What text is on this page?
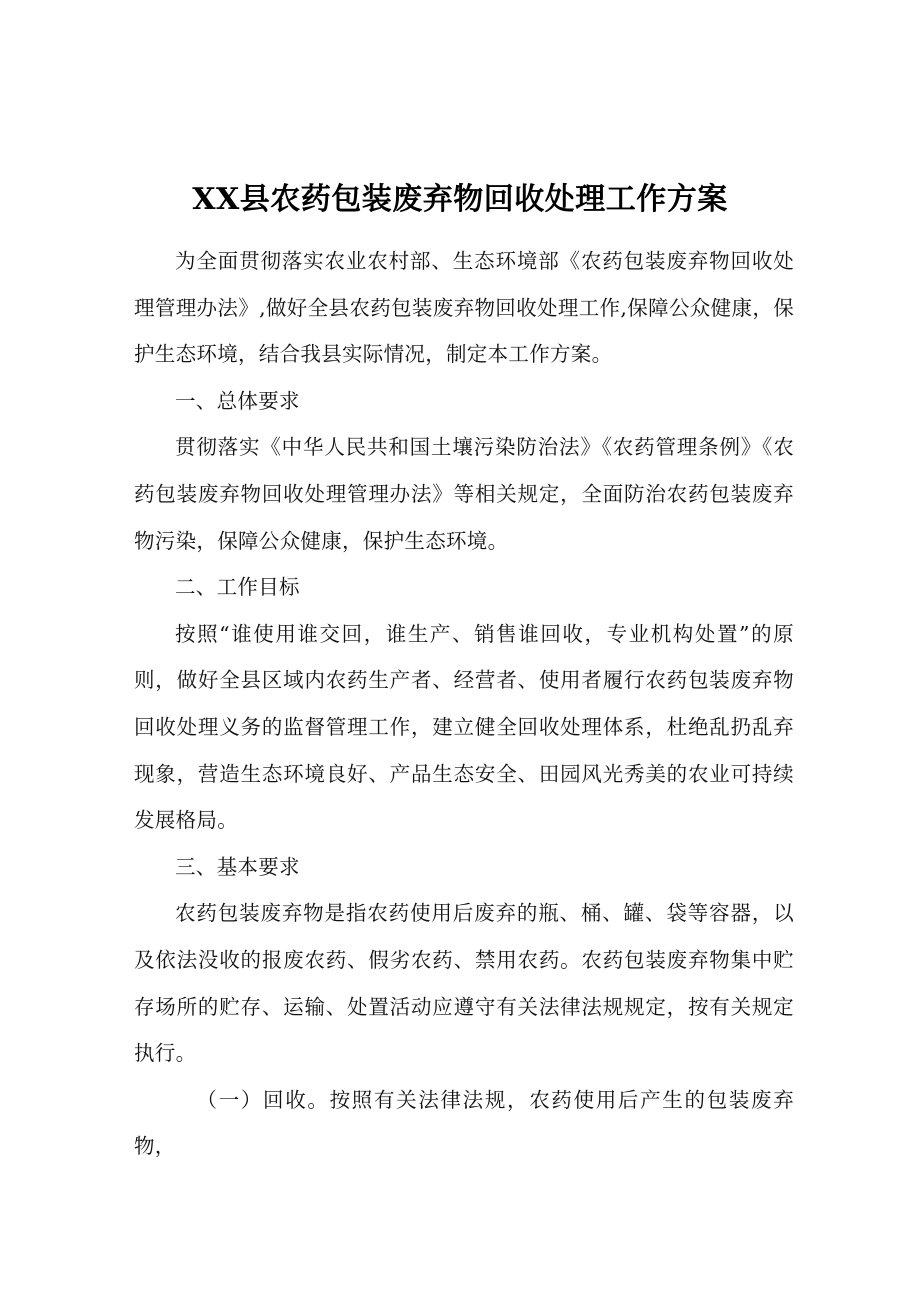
XX县农药包装废弃物回收处理工作方案

为全面贯彻落实农业农村部、生态环境部《农药包装废弃物回收处理管理办法》,做好全县农药包装废弃物回收处理工作,保障公众健康，保护生态环境，结合我县实际情况，制定本工作方案。

一、总体要求

贯彻落实《中华人民共和国土壤污染防治法》《农药管理条例》《农药包装废弃物回收处理管理办法》等相关规定，全面防治农药包装废弃物污染，保障公众健康，保护生态环境。

二、工作目标

按照“谁使用谁交回，谁生产、销售谁回收，专业机构处置”的原则，做好全县区域内农药生产者、经营者、使用者履行农药包装废弃物回收处理义务的监督管理工作，建立健全回收处理体系，杜绝乱扔乱弃现象，营造生态环境良好、产品生态安全、田园风光秀美的农业可持续发展格局。

三、基本要求

农药包装废弃物是指农药使用后废弃的瓶、桶、罐、袋等容器，以及依法没收的报废农药、假劣农药、禁用农药。农药包装废弃物集中贮存场所的贮存、运输、处置活动应遵守有关法律法规规定，按有关规定执行。

（一）回收。按照有关法律法规，农药使用后产生的包装废弃物，
